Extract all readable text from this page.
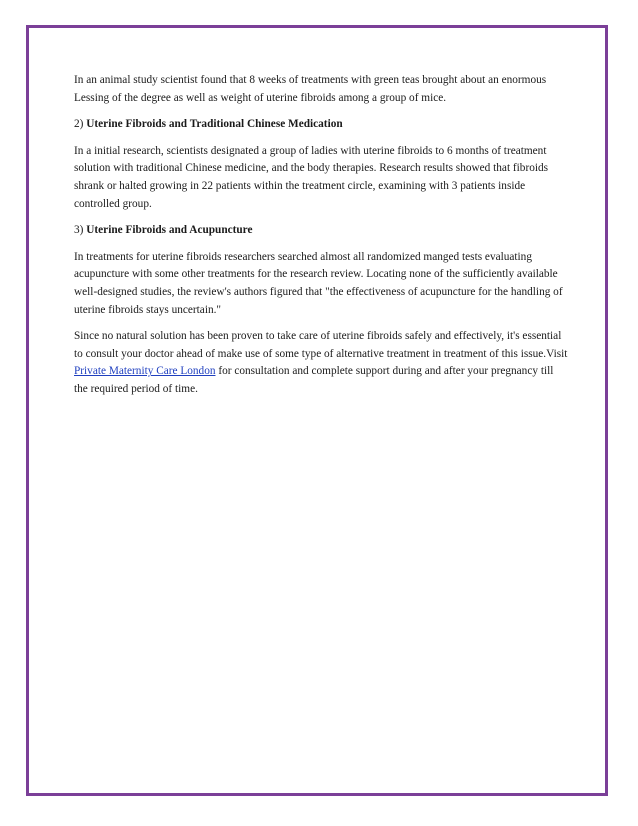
In an animal study scientist found that 8 weeks of treatments with green teas brought about an enormous Lessing of the degree as well as weight of uterine fibroids among a group of mice.

2) Uterine Fibroids and Traditional Chinese Medication

In a initial research, scientists designated a group of ladies with uterine fibroids to 6 months of treatment solution with traditional Chinese medicine, and the body therapies. Research results showed that fibroids shrank or halted growing in 22 patients within the treatment circle, examining with 3 patients inside controlled group.

3) Uterine Fibroids and Acupuncture

In treatments for uterine fibroids researchers searched almost all randomized manged tests evaluating acupuncture with some other treatments for the research review. Locating none of the sufficiently available well-designed studies, the review's authors figured that "the effectiveness of acupuncture for the handling of uterine fibroids stays uncertain."

Since no natural solution has been proven to take care of uterine fibroids safely and effectively, it's essential to consult your doctor ahead of make use of some type of alternative treatment in treatment of this issue.Visit Private Maternity Care London for consultation and complete support during and after your pregnancy till the required period of time.
